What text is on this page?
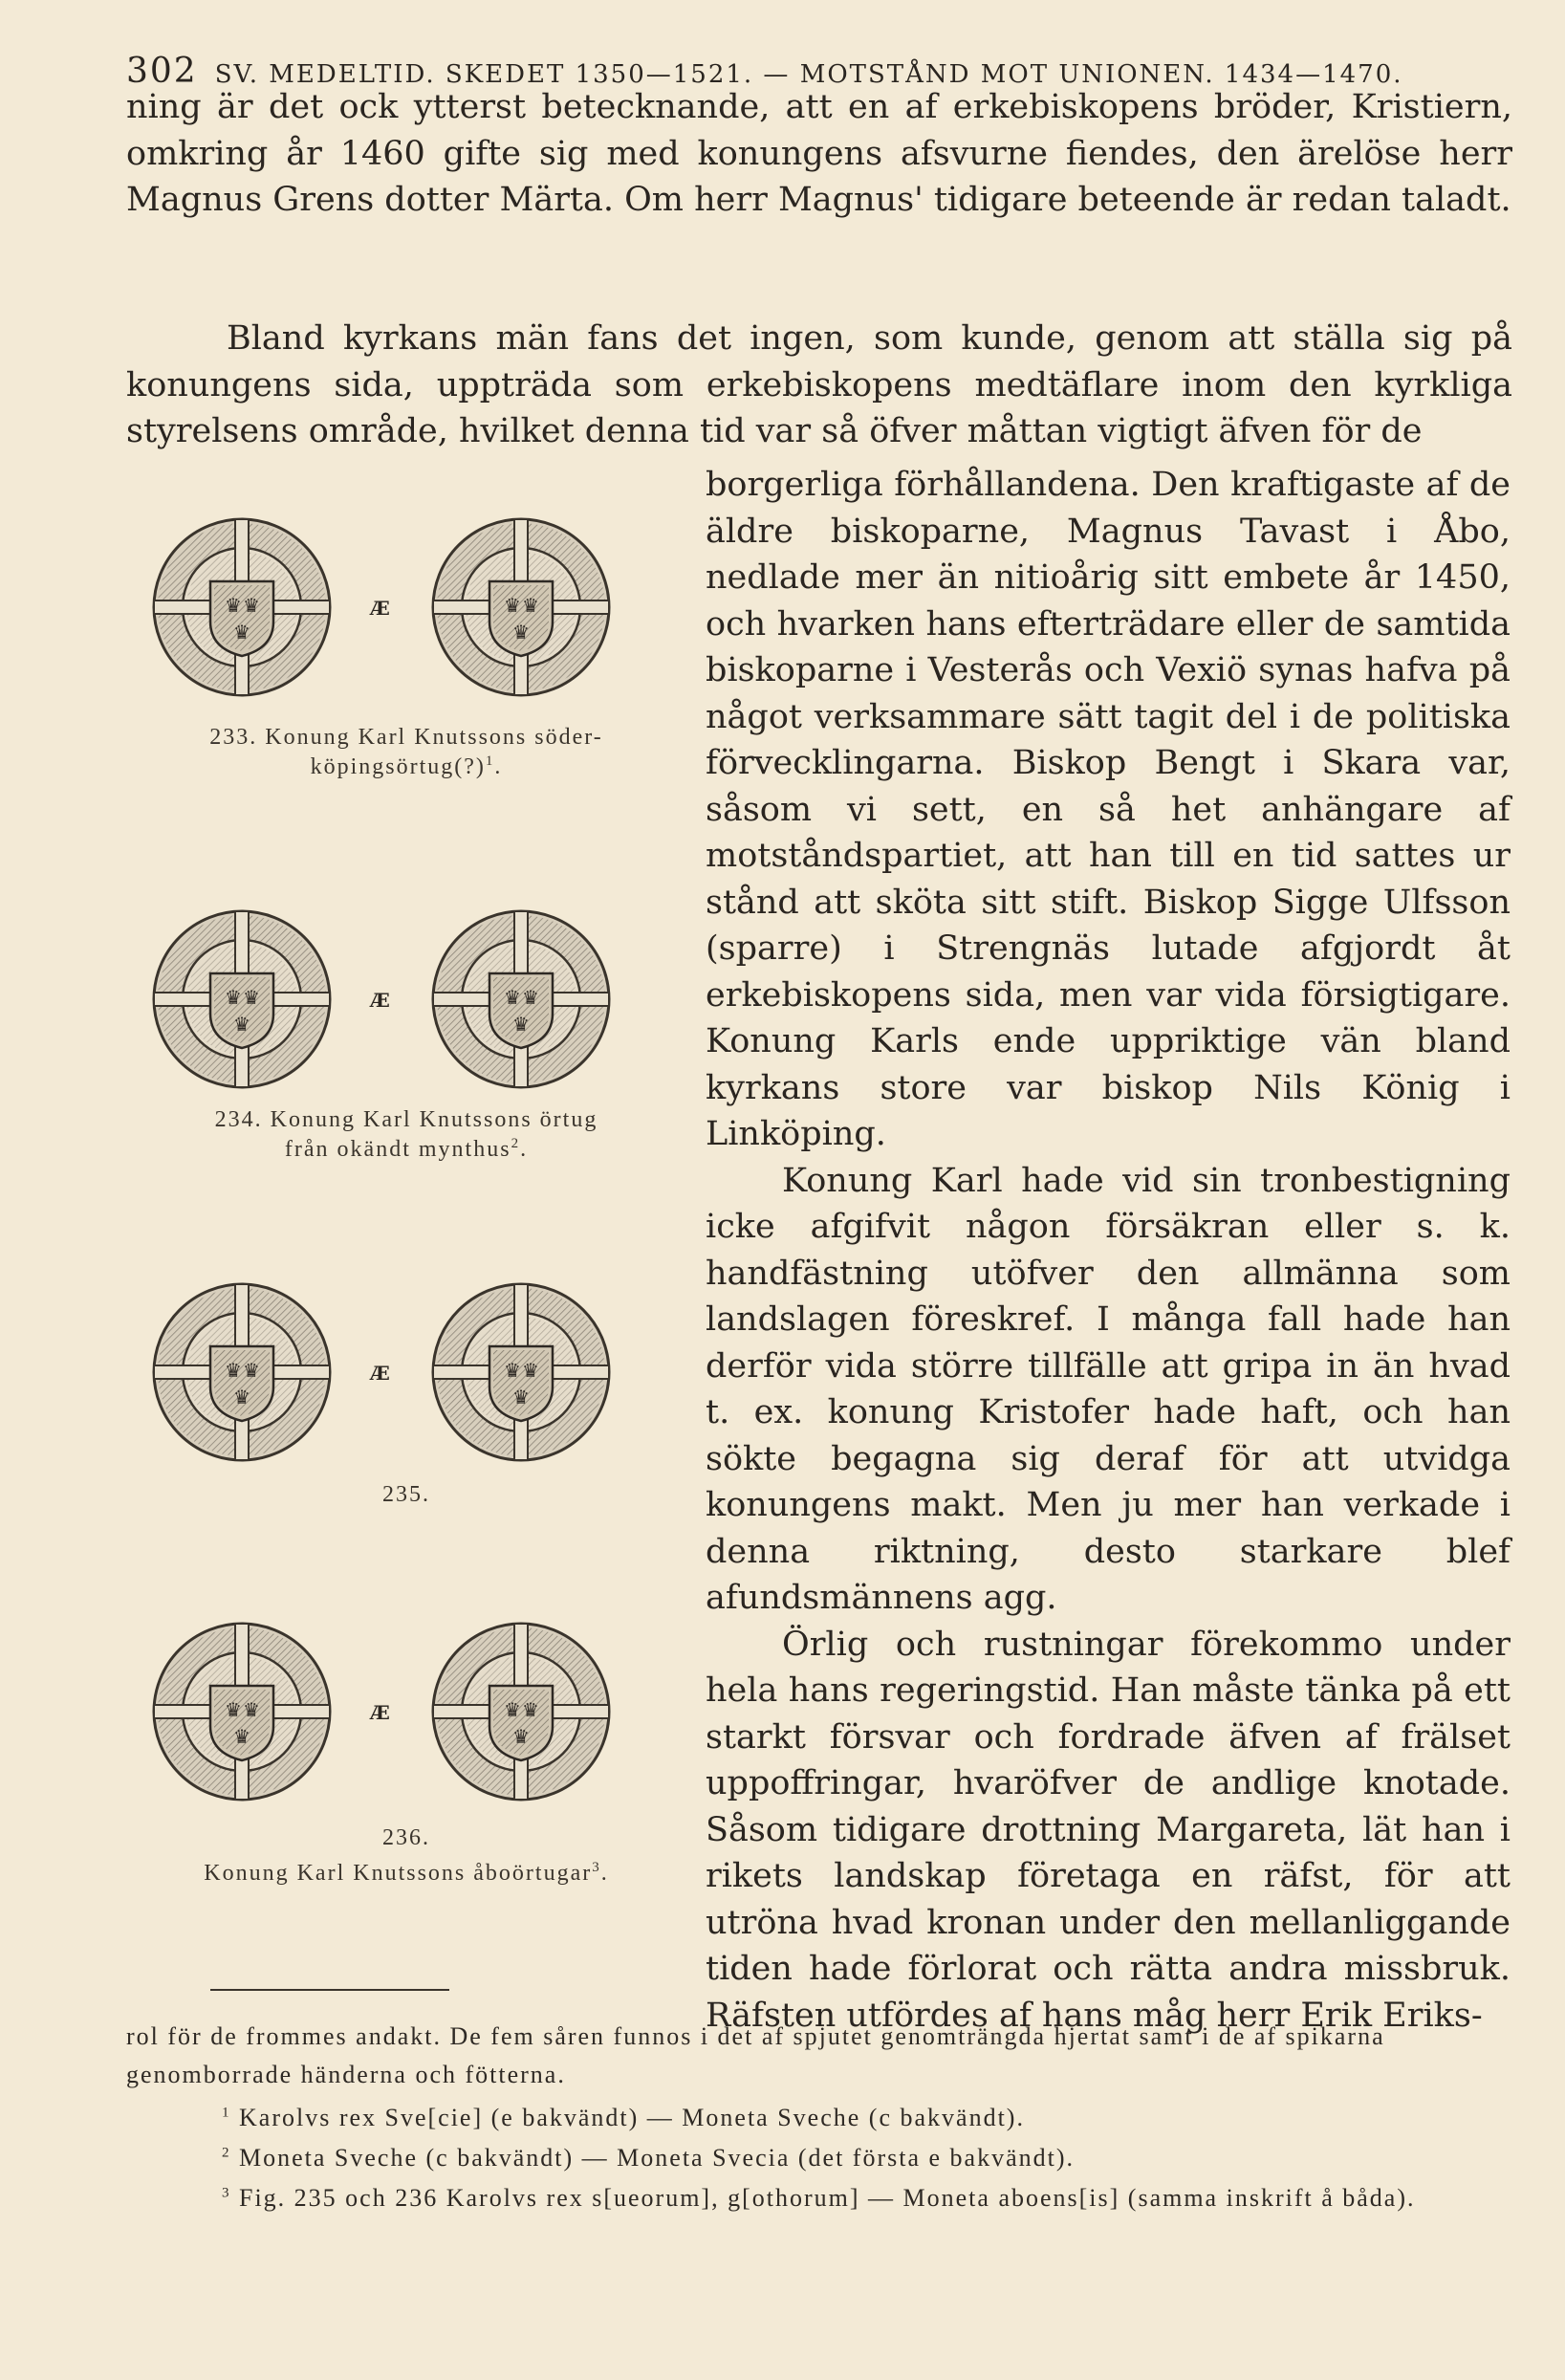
302 SV. MEDELTID. SKEDET 1350—1521. — MOTSTÅND MOT UNIONEN. 1434—1470.

ning är det ock ytterst betecknande, att en af erkebiskopens bröder, Kristiern, omkring år 1460 gifte sig med konungens afsvurne fiendes, den ärelöse herr Magnus Grens dotter Märta. Om herr Magnus' tidigare beteende är redan taladt.

Bland kyrkans män fans det ingen, som kunde, genom att ställa sig på konungens sida, uppträda som erkebiskopens medtäflare inom den kyrkliga styrelsens område, hvilket denna tid var så öfver måttan vigtigt äfven för de

borgerliga förhållandena. Den kraftigaste af de äldre biskoparne, Magnus Tavast i Åbo, nedlade mer än nitioårig sitt embete år 1450, och hvarken hans efterträdare eller de samtida biskoparne i Vesterås och Vexiö synas hafva på något verksammare sätt tagit del i de politiska förvecklingarna. Biskop Bengt i Skara var, såsom vi sett, en så het anhängare af motståndspartiet, att han till en tid sattes ur stånd att sköta sitt stift. Biskop Sigge Ulfsson (sparre) i Strengnäs lutade afgjordt åt erkebiskopens sida, men var vida försigtigare. Konung Karls ende uppriktige vän bland kyrkans store var biskop Nils König i Linköping.

Konung Karl hade vid sin tronbestigning icke afgifvit någon försäkran eller s. k. handfästning utöfver den allmänna som landslagen föreskref. I många fall hade han derför vida större tillfälle att gripa in än hvad t. ex. konung Kristofer hade haft, och han sökte begagna sig deraf för att utvidga konungens makt. Men ju mer han verkade i denna riktning, desto starkare blef afundsmännens agg.

Örlig och rustningar förekommo under hela hans regeringstid. Han måste tänka på ett starkt försvar och fordrade äfven af frälset uppoffringar, hvaröfver de andlige knotade. Såsom tidigare drottning Margareta, lät han i rikets landskap företaga en räfst, för att utröna hvad kronan under den mellanliggande tiden hade förlorat och rätta andra missbruk. Räfsten utfördes af hans måg herr Erik Eriks-

Æ
233. Konung Karl Knutssons söder-
köpingsörtug(?)$^1$.
Æ
234. Konung Karl Knutssons örtug
från okändt mynthus$^2$.
Æ
235.
Æ
236.
Konung Karl Knutssons åboörtugar$^3$.
rol för de frommes andakt. De fem såren funnos i det af spjutet genomträngda hjertat samt i de af spikarna genomborrade händerna och fötterna.
$^1$ Karolvs rex Sve[cie] (e bakvändt) — Moneta Sveche (c bakvändt).
$^2$ Moneta Sveche (c bakvändt) — Moneta Svecia (det första e bakvändt).
$^3$ Fig. 235 och 236 Karolvs rex s[ueorum], g[othorum] — Moneta aboens[is] (samma inskrift å båda).
